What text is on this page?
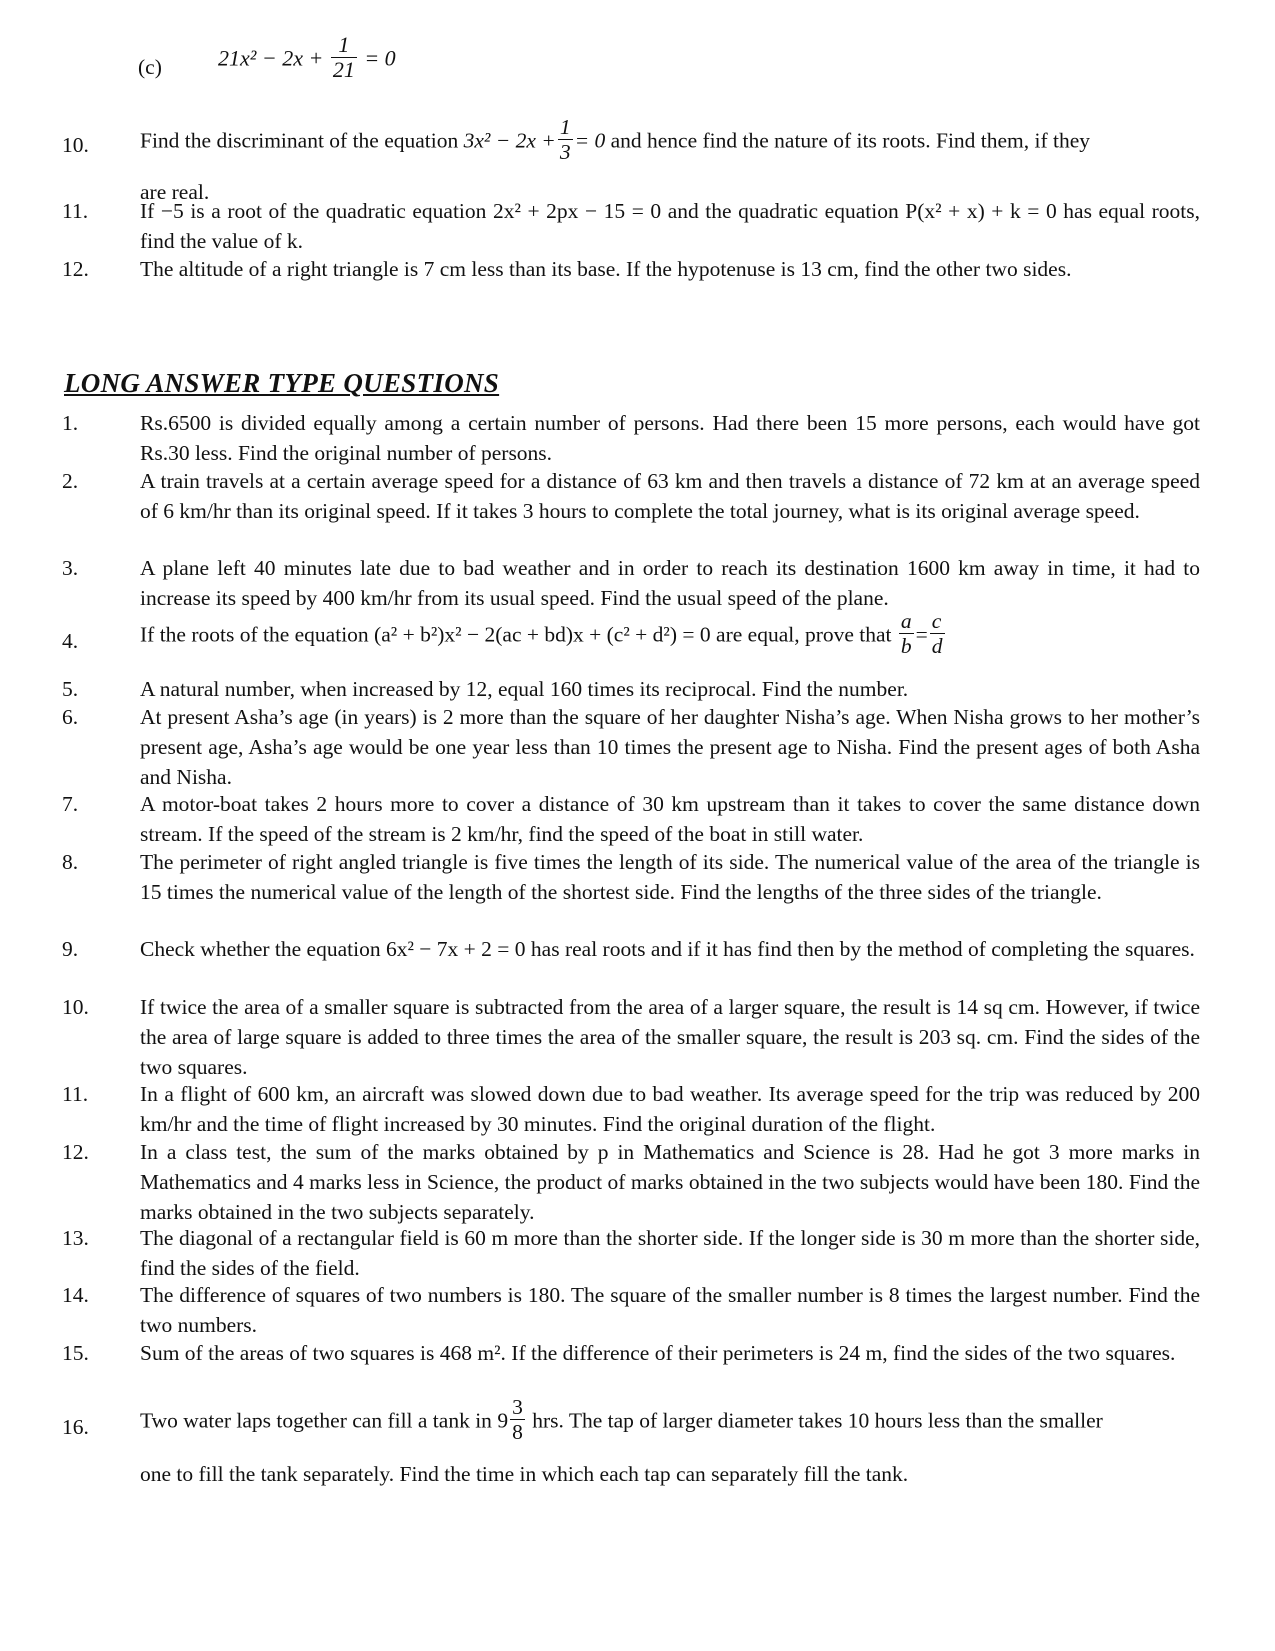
(c)	$21x^2 - 2x + \frac{1}{21} = 0$
10.	Find the discriminant of the equation $3x^2 - 2x + \frac{1}{3} = 0$ and hence find the nature of its roots. Find them, if they
are real.
11.	If −5 is a root of the quadratic equation 2x² + 2px − 15 = 0 and the quadratic equation P(x² + x) + k = 0 has equal roots, find the value of k.
12.	The altitude of a right triangle is 7 cm less than its base. If the hypotenuse is 13 cm, find the other two sides.
LONG ANSWER TYPE QUESTIONS
1.	Rs.6500 is divided equally among a certain number of persons. Had there been 15 more persons, each would have got Rs.30 less. Find the original number of persons.
2.	A train travels at a certain average speed for a distance of 63 km and then travels a distance of 72 km at an average speed of 6 km/hr than its original speed. If it takes 3 hours to complete the total journey, what is its original average speed.
3.	A plane left 40 minutes late due to bad weather and in order to reach its destination 1600 km away in time, it had to increase its speed by 400 km/hr from its usual speed. Find the usual speed of the plane.
4.	If the roots of the equation (a² + b²)x² − 2(ac + bd)x + (c² + d²) = 0 are equal, prove that $\frac{a}{b} = \frac{c}{d}$
5.	A natural number, when increased by 12, equal 160 times its reciprocal. Find the number.
6.	At present Asha’s age (in years) is 2 more than the square of her daughter Nisha’s age. When Nisha grows to her mother’s present age, Asha’s age would be one year less than 10 times the present age to Nisha. Find the present ages of both Asha and Nisha.
7.	A motor-boat takes 2 hours more to cover a distance of 30 km upstream than it takes to cover the same distance down stream. If the speed of the stream is 2 km/hr, find the speed of the boat in still water.
8.	The perimeter of right angled triangle is five times the length of its side. The numerical value of the area of the triangle is 15 times the numerical value of the length of the shortest side. Find the lengths of the three sides of the triangle.
9.	Check whether the equation 6x² − 7x + 2 = 0 has real roots and if it has find then by the method of completing the squares.
10.	If twice the area of a smaller square is subtracted from the area of a larger square, the result is 14 sq cm. However, if twice the area of large square is added to three times the area of the smaller square, the result is 203 sq. cm. Find the sides of the two squares.
11.	In a flight of 600 km, an aircraft was slowed down due to bad weather. Its average speed for the trip was reduced by 200 km/hr and the time of flight increased by 30 minutes. Find the original duration of the flight.
12.	In a class test, the sum of the marks obtained by p in Mathematics and Science is 28. Had he got 3 more marks in Mathematics and 4 marks less in Science, the product of marks obtained in the two subjects would have been 180. Find the marks obtained in the two subjects separately.
13.	The diagonal of a rectangular field is 60 m more than the shorter side. If the longer side is 30 m more than the shorter side, find the sides of the field.
14.	The difference of squares of two numbers is 180. The square of the smaller number is 8 times the largest number. Find the two numbers.
15.	Sum of the areas of two squares is 468 m². If the difference of their perimeters is 24 m, find the sides of the two squares.
16.	Two water laps together can fill a tank in $9 \frac{3}{8}$ hrs. The tap of larger diameter takes 10 hours less than the smaller
one to fill the tank separately. Find the time in which each tap can separately fill the tank.
